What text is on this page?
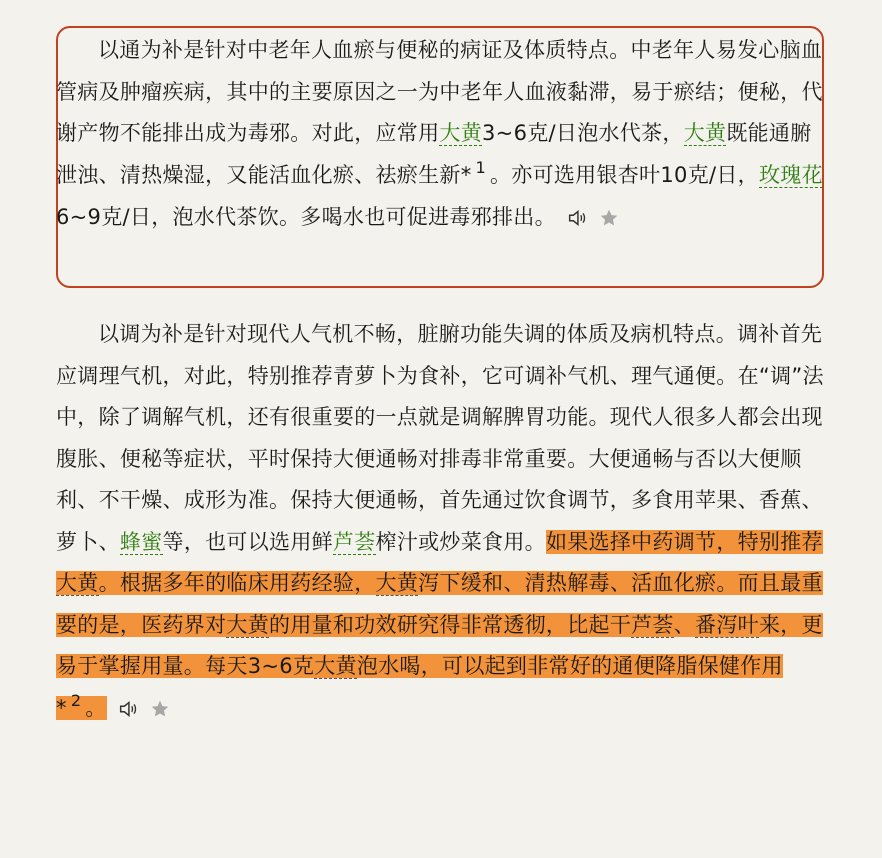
以通为补是针对中老年人血瘀与便秘的病证及体质特点。中老年人易发心脑血管病及肿瘤疾病，其中的主要原因之一为中老年人血液黏滞，易于瘀结；便秘，代谢产物不能排出成为毒邪。对此，应常用大黄3~6克/日泡水代茶，大黄既能通腑泄浊、清热燥湿，又能活血化瘀、祛瘀生新* $^1$ 。亦可选用银杏叶10克/日，玫瑰花6~9克/日，泡水代茶饮。多喝水也可促进毒邪排出。
以调为补是针对现代人气机不畅，脏腑功能失调的体质及病机特点。调补首先应调理气机，对此，特别推荐青萝卜为食补，它可调补气机、理气通便。在“调”法中，除了调解气机，还有很重要的一点就是调解脾胃功能。现代人很多人都会出现腹胀、便秘等症状，平时保持大便通畅对排毒非常重要。大便通畅与否以大便顺利、不干燥、成形为准。保持大便通畅，首先通过饮食调节，多食用苹果、香蕉、萝卜、蜂蜜等，也可以选用鲜芦荟榨汁或炒菜食用。如果选择中药调节，特别推荐大黄。根据多年的临床用药经验，大黄泻下缓和、清热解毒、活血化瘀。而且最重要的是，医药界对大黄的用量和功效研究得非常透彻，比起干芦荟、番泻叶来，更易于掌握用量。每天3~6克大黄泡水喝，可以起到非常好的通便降脂保健作用* $^2$ 。
